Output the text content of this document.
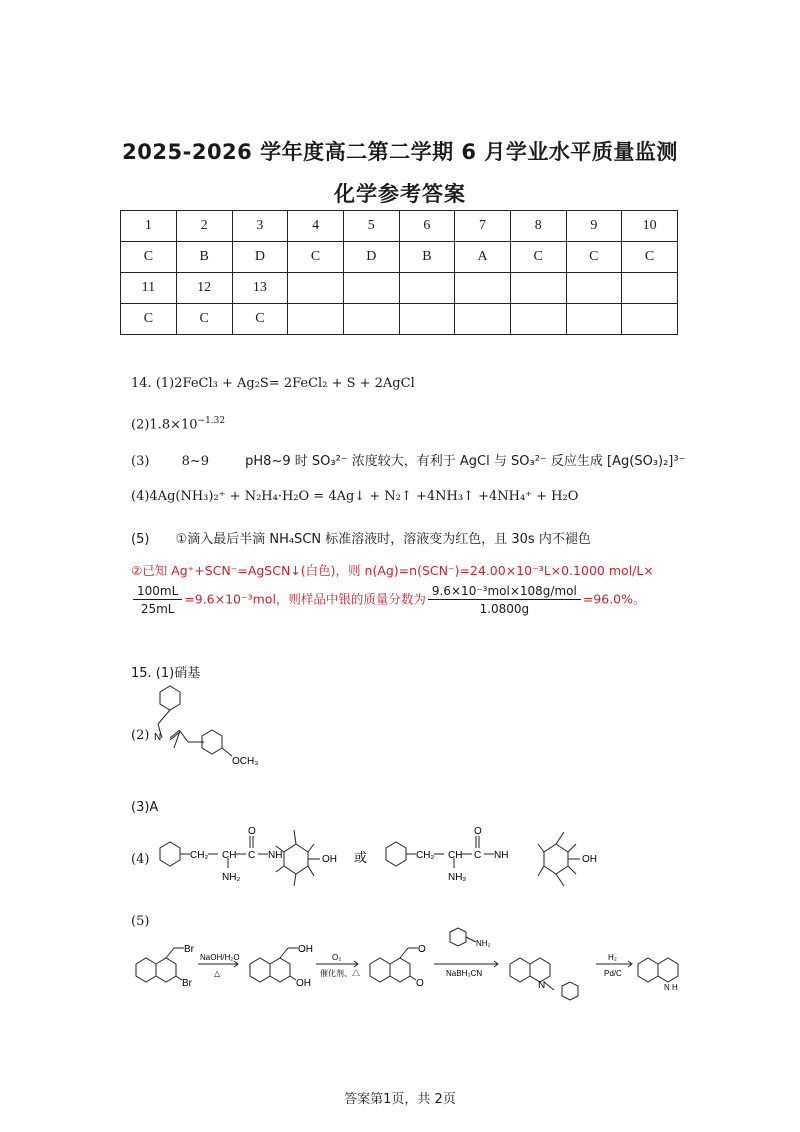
2025-2026 学年度高二第二学期 6 月学业水平质量监测
化学参考答案
1	2	3	4	5	6	7	8	9	10
C	B	D	C	D	B	A	C	C	C
11	12	13							
C	C	C							
14. (1)2FeCl₃ + Ag₂S= 2FeCl₂ + S + 2AgCl
$(2)1.8\times 10^{-1.32}$
(3) 8~9	pH8~9 时 SO₃²⁻ 浓度较大，有利于 AgCl 与 SO₃²⁻ 反应生成 [Ag(SO₃)₂]³⁻
(4)4Ag(NH₃)₂⁺ + N₂H₄·H₂O = 4Ag↓ + N₂↑ +4NH₃↑ +4NH₄⁺ + H₂O
(5) ①滴入最后半滴 NH₄SCN 标准溶液时，溶液变为红色，且 30s 内不褪色
②已知 Ag⁺+SCN⁻=AgSCN↓(白色)，则 n(Ag)=n(SCN⁻)=24.00×10⁻³L×0.1000 mol/L×
$\frac{100mL}{25mL} =9.6\times 10^{-3}mol$，则样品中银的质量分数为 $\frac{\text{9.6×10⁻³mol×108g/mol}}{1.0800g} =96.0\%$。
15. (1)硝基
(2) N
OCH₃
(3)A
(4)	CH₂ CH C
O
NH
NH₂
OH 或	CH₂ CH C
O
NH
NH₂
OH
(5)
Br
Br
NaOH/H₂O
△
OH
OH
O₂
催化剂、△
O
O
NH₂
NaBH₃CN
N
H₂
Pd/C
N H
答案第1页，共 2页
